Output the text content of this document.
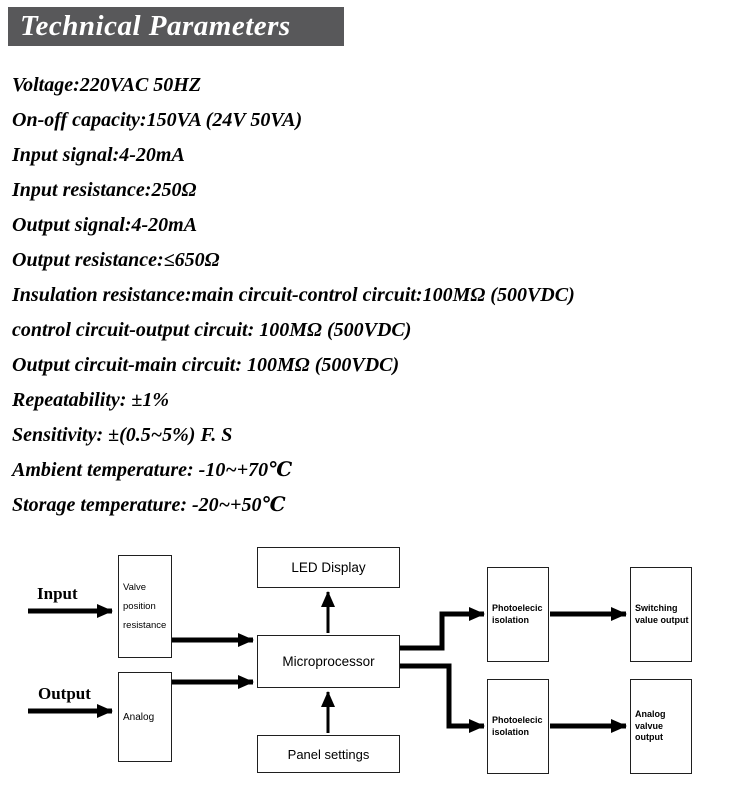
Technical Parameters
Voltage:220VAC 50HZ
On-off capacity:150VA (24V 50VA)
Input signal:4-20mA
Input resistance:250Ω
Output signal:4-20mA
Output resistance:≤650Ω
Insulation resistance:main circuit-control circuit:100MΩ (500VDC)
control circuit-output circuit: 100MΩ (500VDC)
Output circuit-main circuit: 100MΩ (500VDC)
Repeatability: ±1%
Sensitivity: ±(0.5~5%) F. S
Ambient temperature: -10~+70℃
Storage temperature: -20~+50℃
Input
Output
Valve position resistance
Analog
LED Display
Microprocessor
Panel settings
Photoelecic isolation
Photoelecic isolation
Switching value output
Analog valvue output
